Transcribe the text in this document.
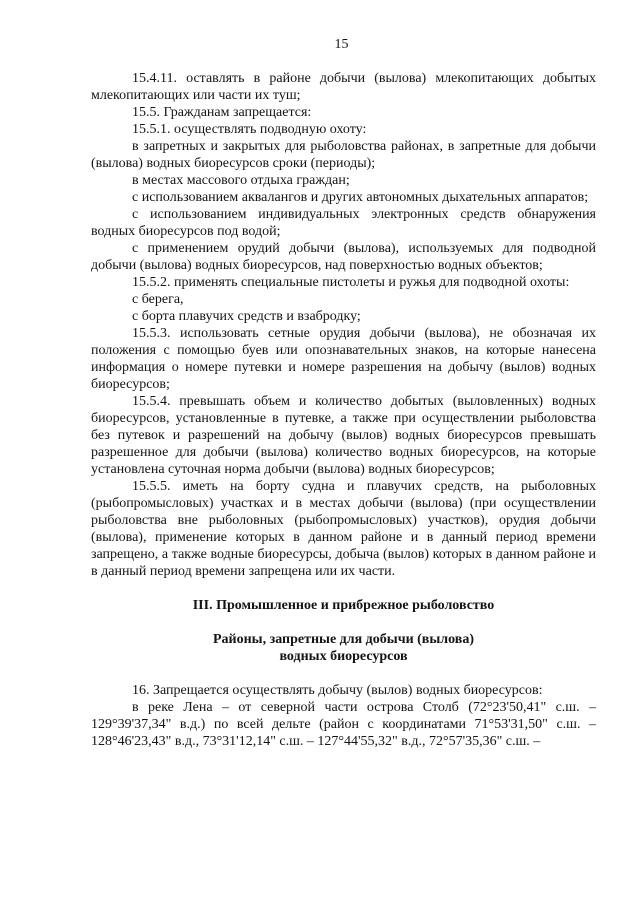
15

15.4.11. оставлять в районе добычи (вылова) млекопитающих добытых млекопитающих или части их туш;

15.5. Гражданам запрещается:

15.5.1. осуществлять подводную охоту:

в запретных и закрытых для рыболовства районах, в запретные для добычи (вылова) водных биоресурсов сроки (периоды);

в местах массового отдыха граждан;

с использованием аквалангов и других автономных дыхательных аппаратов;

с использованием индивидуальных электронных средств обнаружения водных биоресурсов под водой;

с применением орудий добычи (вылова), используемых для подводной добычи (вылова) водных биоресурсов, над поверхностью водных объектов;

15.5.2. применять специальные пистолеты и ружья для подводной охоты:

с берега,

с борта плавучих средств и взабродку;

15.5.3. использовать сетные орудия добычи (вылова), не обозначая их положения с помощью буев или опознавательных знаков, на которые нанесена информация о номере путевки и номере разрешения на добычу (вылов) водных биоресурсов;

15.5.4. превышать объем и количество добытых (выловленных) водных биоресурсов, установленные в путевке, а также при осуществлении рыболовства без путевок и разрешений на добычу (вылов) водных биоресурсов превышать разрешенное для добычи (вылова) количество водных биоресурсов, на которые установлена суточная норма добычи (вылова) водных биоресурсов;

15.5.5. иметь на борту судна и плавучих средств, на рыболовных (рыбопромысловых) участках и в местах добычи (вылова) (при осуществлении рыболовства вне рыболовных (рыбопромысловых) участков), орудия добычи (вылова), применение которых в данном районе и в данный период времени запрещено, а также водные биоресурсы, добыча (вылов) которых в данном районе и в данный период времени запрещена или их части.

III. Промышленное и прибрежное рыболовство
Районы, запретные для добычи (вылова)
водных биоресурсов

16. Запрещается осуществлять добычу (вылов) водных биоресурсов:

в реке Лена – от северной части острова Столб (72°23'50,41" с.ш. – 129°39'37,34" в.д.) по всей дельте (район с координатами 71°53'31,50" с.ш. – 128°46'23,43" в.д., 73°31'12,14" с.ш. – 127°44'55,32" в.д., 72°57'35,36" с.ш. –
